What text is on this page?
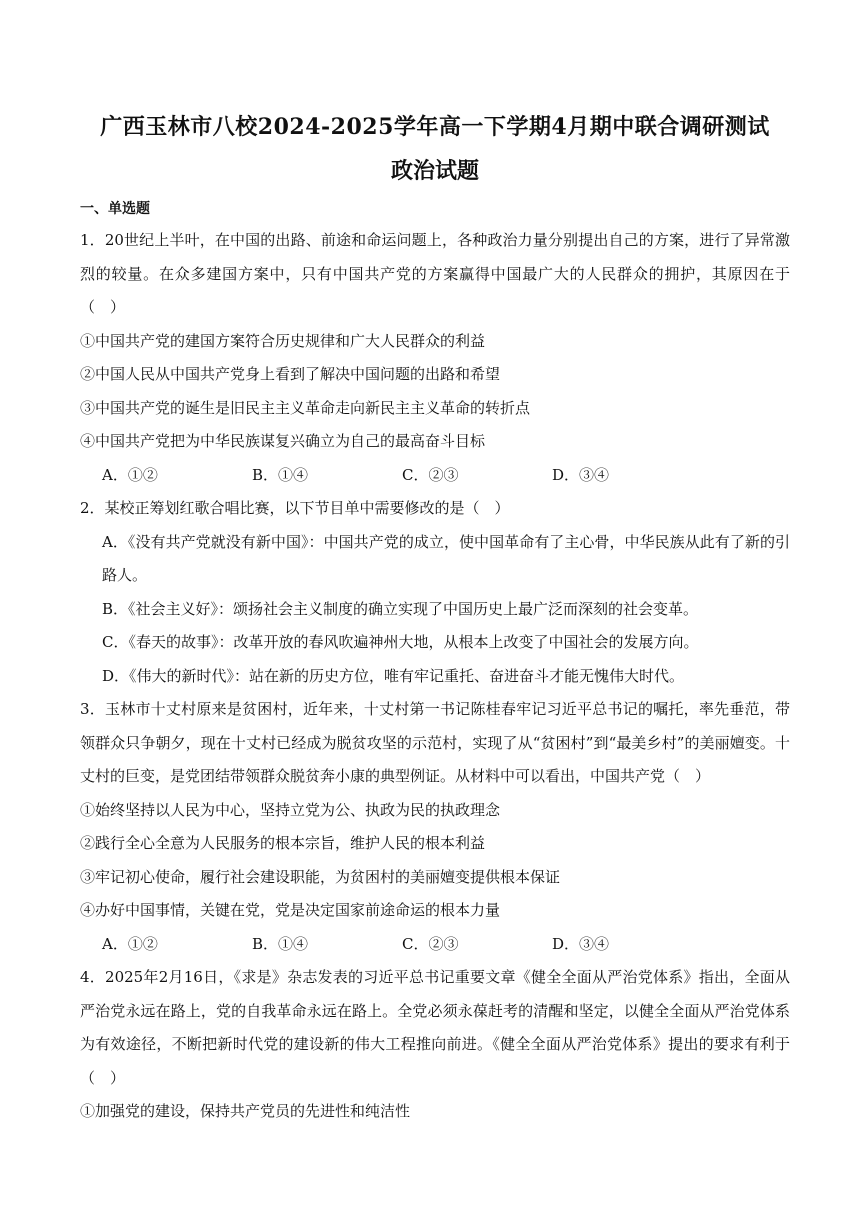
广西玉林市八校2024-2025学年高一下学期4月期中联合调研测试
政治试题
一、单选题

1．20世纪上半叶，在中国的出路、前途和命运问题上，各种政治力量分别提出自己的方案，进行了异常激烈的较量。在众多建国方案中，只有中国共产党的方案赢得中国最广大的人民群众的拥护，其原因在于（　）

①中国共产党的建国方案符合历史规律和广大人民群众的利益

②中国人民从中国共产党身上看到了解决中国问题的出路和希望

③中国共产党的诞生是旧民主主义革命走向新民主主义革命的转折点

④中国共产党把为中华民族谋复兴确立为自己的最高奋斗目标

A．①②	B．①④	C．②③	D．③④

2．某校正筹划红歌合唱比赛，以下节目单中需要修改的是（　）

A．《没有共产党就没有新中国》：中国共产党的成立，使中国革命有了主心骨，中华民族从此有了新的引路人。

B．《社会主义好》：颂扬社会主义制度的确立实现了中国历史上最广泛而深刻的社会变革。

C．《春天的故事》：改革开放的春风吹遍神州大地，从根本上改变了中国社会的发展方向。

D．《伟大的新时代》：站在新的历史方位，唯有牢记重托、奋进奋斗才能无愧伟大时代。

3．玉林市十丈村原来是贫困村，近年来，十丈村第一书记陈桂春牢记习近平总书记的嘱托，率先垂范，带领群众只争朝夕，现在十丈村已经成为脱贫攻坚的示范村，实现了从“贫困村”到“最美乡村”的美丽嬗变。十丈村的巨变，是党团结带领群众脱贫奔小康的典型例证。从材料中可以看出，中国共产党（　）

①始终坚持以人民为中心，坚持立党为公、执政为民的执政理念

②践行全心全意为人民服务的根本宗旨，维护人民的根本利益

③牢记初心使命，履行社会建设职能，为贫困村的美丽嬗变提供根本保证

④办好中国事情，关键在党，党是决定国家前途命运的根本力量

A．①②	B．①④	C．②③	D．③④

4．2025年2月16日，《求是》杂志发表的习近平总书记重要文章《健全全面从严治党体系》指出，全面从严治党永远在路上，党的自我革命永远在路上。全党必须永葆赶考的清醒和坚定，以健全全面从严治党体系为有效途径，不断把新时代党的建设新的伟大工程推向前进。《健全全面从严治党体系》提出的要求有利于（　）

①加强党的建设，保持共产党员的先进性和纯洁性
